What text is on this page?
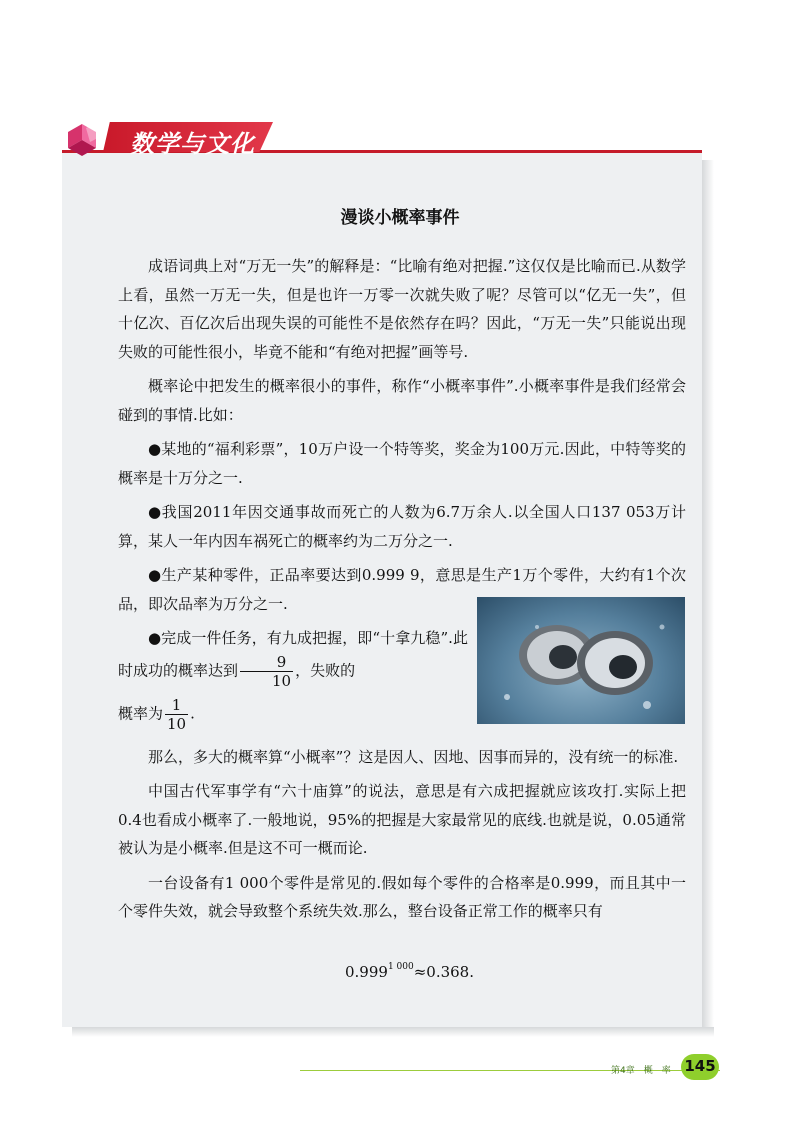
数学与文化
漫谈小概率事件

成语词典上对“万无一失”的解释是：“比喻有绝对把握.”这仅仅是比喻而已.从数学上看，虽然一万无一失，但是也许一万零一次就失败了呢？尽管可以“亿无一失”，但十亿次、百亿次后出现失误的可能性不是依然存在吗？因此，“万无一失”只能说出现失败的可能性很小，毕竟不能和“有绝对把握”画等号.

概率论中把发生的概率很小的事件，称作“小概率事件”.小概率事件是我们经常会碰到的事情.比如：

●某地的“福利彩票”，10万户设一个特等奖，奖金为100万元.因此，中特等奖的概率是十万分之一.

●我国2011年因交通事故而死亡的人数为6.7万余人.以全国人口137 053万计算，某人一年内因车祸死亡的概率约为二万分之一.

●生产某种零件，正品率要达到0.999 9，意思是生产1万个零件，大约有1个次品，即次品率为万分之一.

●完成一件任务，有九成把握，即“十拿九稳”.此时成功的概率达到 $\frac{9}{10}$ ，失败的

概率为 $\frac{1}{10}$ .

那么，多大的概率算“小概率”？这是因人、因地、因事而异的，没有统一的标准.

中国古代军事学有“六十庙算”的说法，意思是有六成把握就应该攻打.实际上把0.4也看成小概率了.一般地说，95%的把握是大家最常见的底线.也就是说，0.05通常被认为是小概率.但是这不可一概而论.

一台设备有1 000个零件是常见的.假如每个零件的合格率是0.999，而且其中一个零件失效，就会导致整个系统失效.那么，整台设备正常工作的概率只有

$0.999^{1 000}\approx 0.368$.
第4章　概　率 145
